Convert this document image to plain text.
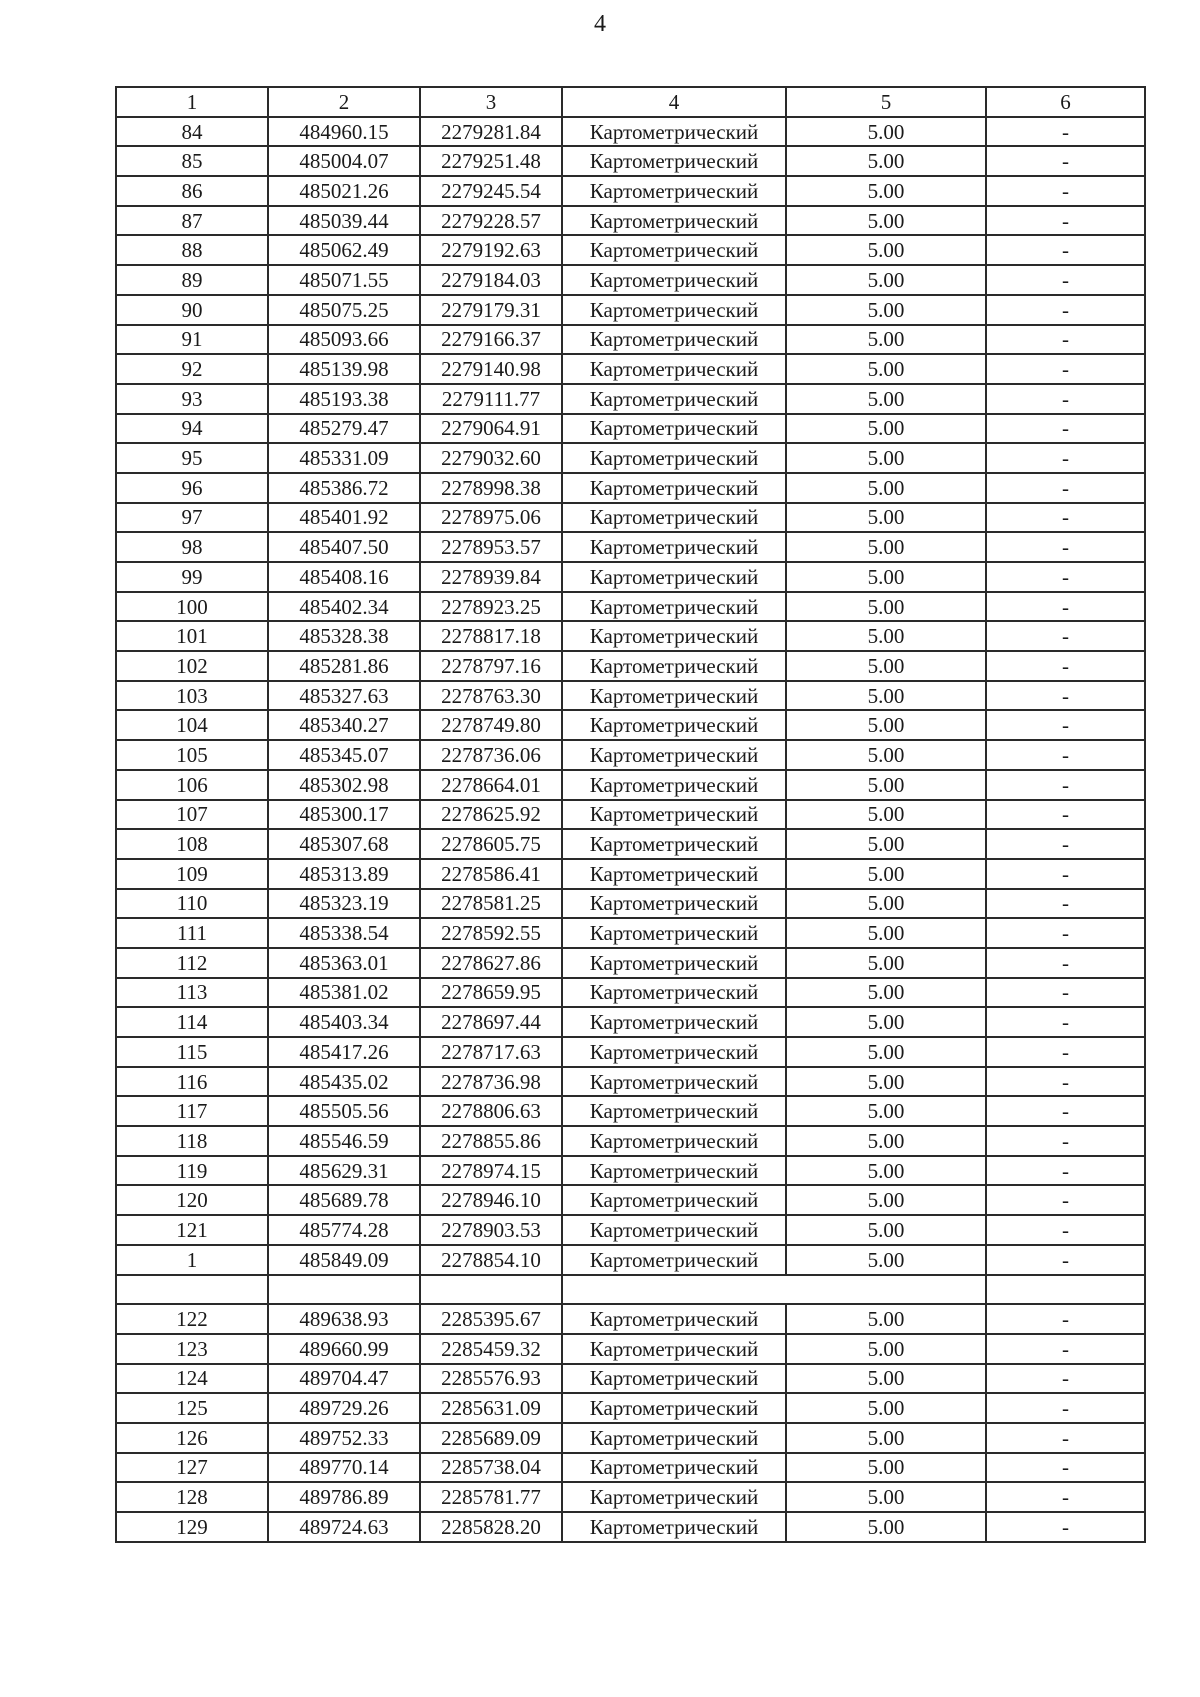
4
1	2	3	4	5	6
84	484960.15	2279281.84	Картометрический	5.00	-
85	485004.07	2279251.48	Картометрический	5.00	-
86	485021.26	2279245.54	Картометрический	5.00	-
87	485039.44	2279228.57	Картометрический	5.00	-
88	485062.49	2279192.63	Картометрический	5.00	-
89	485071.55	2279184.03	Картометрический	5.00	-
90	485075.25	2279179.31	Картометрический	5.00	-
91	485093.66	2279166.37	Картометрический	5.00	-
92	485139.98	2279140.98	Картометрический	5.00	-
93	485193.38	2279111.77	Картометрический	5.00	-
94	485279.47	2279064.91	Картометрический	5.00	-
95	485331.09	2279032.60	Картометрический	5.00	-
96	485386.72	2278998.38	Картометрический	5.00	-
97	485401.92	2278975.06	Картометрический	5.00	-
98	485407.50	2278953.57	Картометрический	5.00	-
99	485408.16	2278939.84	Картометрический	5.00	-
100	485402.34	2278923.25	Картометрический	5.00	-
101	485328.38	2278817.18	Картометрический	5.00	-
102	485281.86	2278797.16	Картометрический	5.00	-
103	485327.63	2278763.30	Картометрический	5.00	-
104	485340.27	2278749.80	Картометрический	5.00	-
105	485345.07	2278736.06	Картометрический	5.00	-
106	485302.98	2278664.01	Картометрический	5.00	-
107	485300.17	2278625.92	Картометрический	5.00	-
108	485307.68	2278605.75	Картометрический	5.00	-
109	485313.89	2278586.41	Картометрический	5.00	-
110	485323.19	2278581.25	Картометрический	5.00	-
111	485338.54	2278592.55	Картометрический	5.00	-
112	485363.01	2278627.86	Картометрический	5.00	-
113	485381.02	2278659.95	Картометрический	5.00	-
114	485403.34	2278697.44	Картометрический	5.00	-
115	485417.26	2278717.63	Картометрический	5.00	-
116	485435.02	2278736.98	Картометрический	5.00	-
117	485505.56	2278806.63	Картометрический	5.00	-
118	485546.59	2278855.86	Картометрический	5.00	-
119	485629.31	2278974.15	Картометрический	5.00	-
120	485689.78	2278946.10	Картометрический	5.00	-
121	485774.28	2278903.53	Картометрический	5.00	-
1	485849.09	2278854.10	Картометрический	5.00	-

122	489638.93	2285395.67	Картометрический	5.00	-
123	489660.99	2285459.32	Картометрический	5.00	-
124	489704.47	2285576.93	Картометрический	5.00	-
125	489729.26	2285631.09	Картометрический	5.00	-
126	489752.33	2285689.09	Картометрический	5.00	-
127	489770.14	2285738.04	Картометрический	5.00	-
128	489786.89	2285781.77	Картометрический	5.00	-
129	489724.63	2285828.20	Картометрический	5.00	-
